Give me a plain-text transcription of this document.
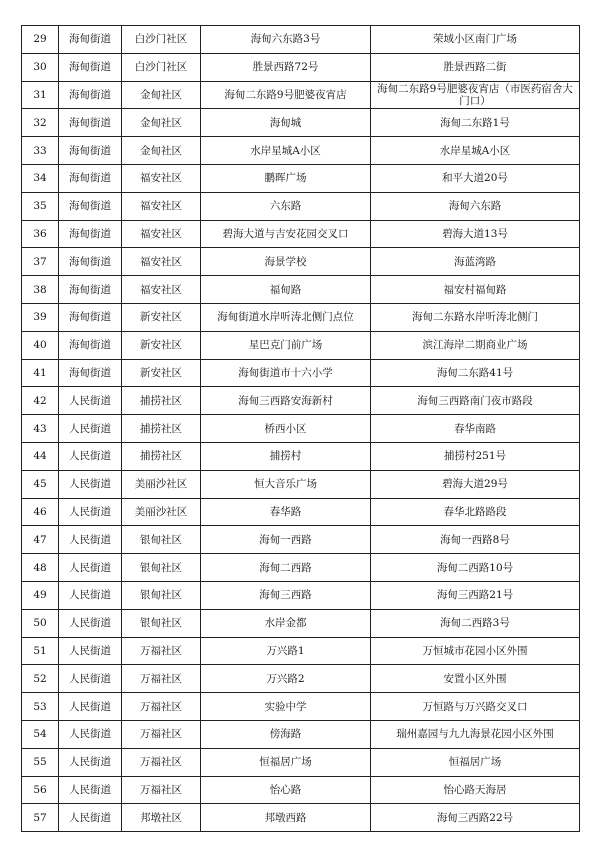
29	海甸街道	白沙门社区	海甸六东路3号	荣域小区南门广场
30	海甸街道	白沙门社区	胜景西路72号	胜景西路二街
31	海甸街道	金甸社区	海甸二东路9号肥婆夜宵店	海甸二东路9号肥婆夜宵店（市医药宿舍大门口）
32	海甸街道	金甸社区	海甸城	海甸二东路1号
33	海甸街道	金甸社区	水岸星城A小区	水岸星城A小区
34	海甸街道	福安社区	鹏晖广场	和平大道20号
35	海甸街道	福安社区	六东路	海甸六东路
36	海甸街道	福安社区	碧海大道与吉安花园交叉口	碧海大道13号
37	海甸街道	福安社区	海景学校	海蓝湾路
38	海甸街道	福安社区	福甸路	福安村福甸路
39	海甸街道	新安社区	海甸街道水岸听涛北侧门点位	海甸二东路水岸听涛北侧门
40	海甸街道	新安社区	星巴克门前广场	滨江海岸二期商业广场
41	海甸街道	新安社区	海甸街道市十六小学	海甸二东路41号
42	人民街道	捕捞社区	海甸三西路安海新村	海甸三西路南门夜市路段
43	人民街道	捕捞社区	桥西小区	春华南路
44	人民街道	捕捞社区	捕捞村	捕捞村251号
45	人民街道	美丽沙社区	恒大音乐广场	碧海大道29号
46	人民街道	美丽沙社区	春华路	春华北路路段
47	人民街道	银甸社区	海甸一西路	海甸一西路8号
48	人民街道	银甸社区	海甸二西路	海甸二西路10号
49	人民街道	银甸社区	海甸三西路	海甸三西路21号
50	人民街道	银甸社区	水岸金都	海甸二西路3号
51	人民街道	万福社区	万兴路1	万恒城市花园小区外围
52	人民街道	万福社区	万兴路2	安置小区外围
53	人民街道	万福社区	实验中学	万恒路与万兴路交叉口
54	人民街道	万福社区	傍海路	瑞州嘉园与九九海景花园小区外围
55	人民街道	万福社区	恒福居广场	恒福居广场
56	人民街道	万福社区	怡心路	怡心路天海居
57	人民街道	邦墩社区	邦墩西路	海甸三西路22号
